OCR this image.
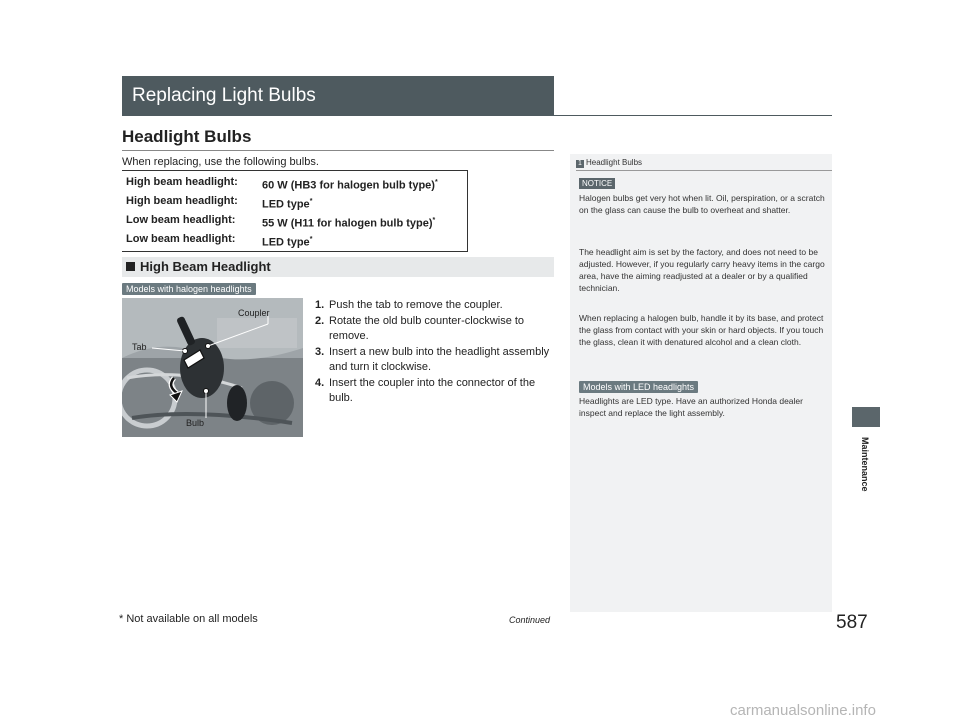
Replacing Light Bulbs
Headlight Bulbs
When replacing, use the following bulbs.
High beam headlight:	60 W (HB3 for halogen bulb type)*
High beam headlight:	LED type*
Low beam headlight:	55 W (H11 for halogen bulb type)*
Low beam headlight:	LED type*
High Beam Headlight
Models with halogen headlights
Coupler
Tab
Bulb
1. Push the tab to remove the coupler.
2. Rotate the old bulb counter-clockwise to remove.
3. Insert a new bulb into the headlight assembly and turn it clockwise.
4. Insert the coupler into the connector of the bulb.
1 Headlight Bulbs
NOTICE
Halogen bulbs get very hot when lit. Oil, perspiration, or a scratch on the glass can cause the bulb to overheat and shatter.
The headlight aim is set by the factory, and does not need to be adjusted. However, if you regularly carry heavy items in the cargo area, have the aiming readjusted at a dealer or by a qualified technician.
When replacing a halogen bulb, handle it by its base, and protect the glass from contact with your skin or hard objects. If you touch the glass, clean it with denatured alcohol and a clean cloth.
Models with LED headlights
Headlights are LED type. Have an authorized Honda dealer inspect and replace the light assembly.
Maintenance
* Not available on all models	Continued	587
carmanualsonline.info
